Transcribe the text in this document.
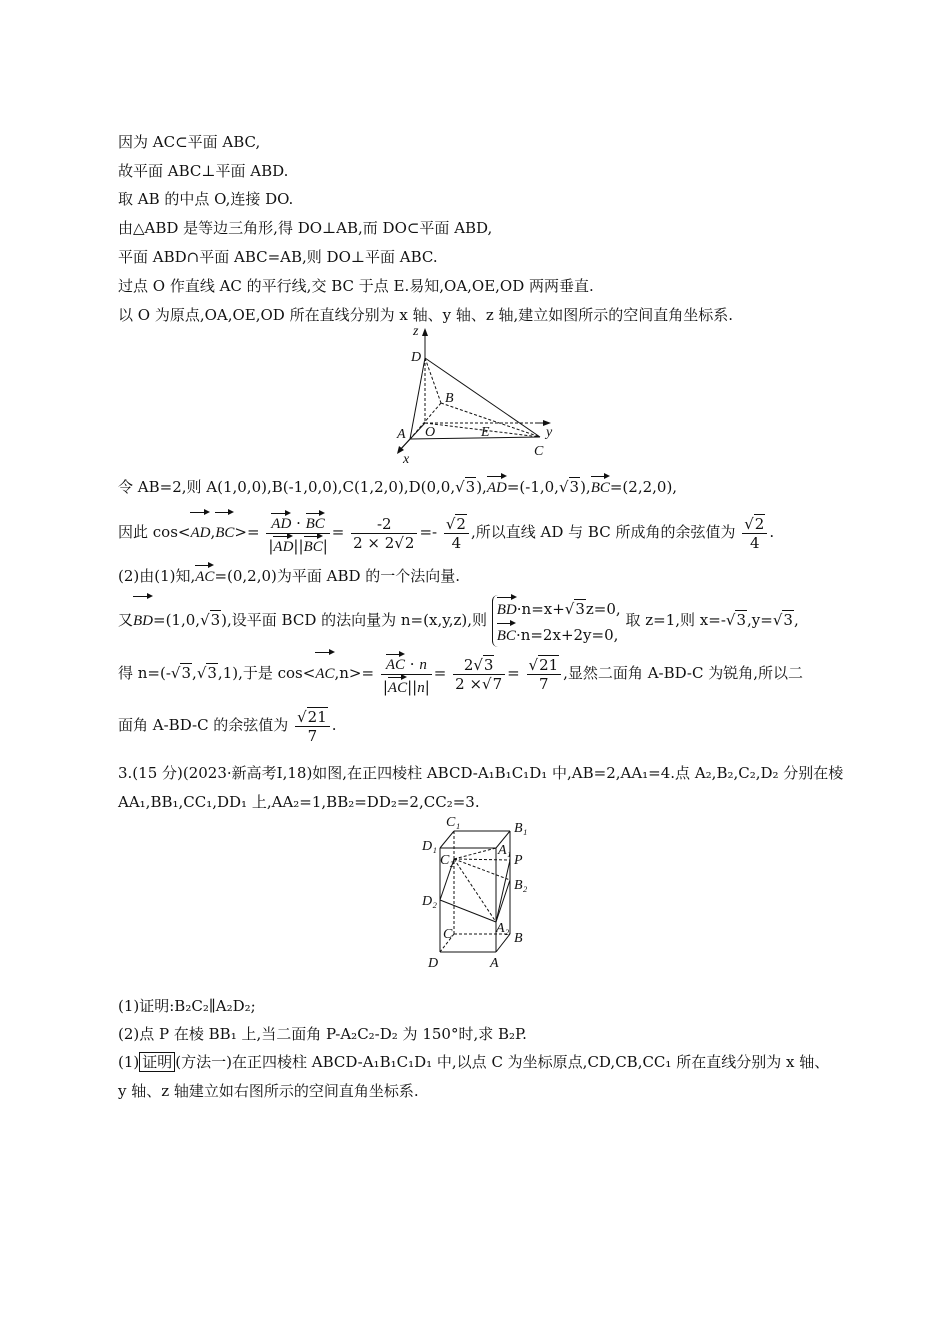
因为 AC⊂平面 ABC,
故平面 ABC⊥平面 ABD.
取 AB 的中点 O,连接 DO.
由△ABD 是等边三角形,得 DO⊥AB,而 DO⊂平面 ABD,
平面 ABD∩平面 ABC=AB,则 DO⊥平面 ABC.
过点 O 作直线 AC 的平行线,交 BC 于点 E.易知,OA,OE,OD 两两垂直.
以 O 为原点,OA,OE,OD 所在直线分别为 x 轴、y 轴、z 轴,建立如图所示的空间直角坐标系.
z
D
B
A O	E
C
x
y
令 AB=2,则 A(1,0,0),B(-1,0,0),C(1,2,0),D(0,0,√3),AD=(-1,0,√3),BC=(2,2,0),
因此 $\cos<AD,BC>= \frac{AD \cdot BC}{|AD||BC|} = \frac{-2}{2 \times 2√2} =- \frac{√2}{4}$ ,所以直线 AD 与 BC 所成角的余弦值为 $\frac{√2}{4}$ .
(2)由(1)知,AC=(0,2,0)为平面 ABD 的一个法向量.
又BD=(1,0,√3),设平面 BCD 的法向量为 n=(x,y,z),则
BD·n=x+√3z=0,
BC·n=2x+2y=0,
取 z=1,则 x=-√3,y=√3,
得 n=(-√3,√3,1),于是 $\cos<AC,n>= \frac{AC \cdot n}{|AC||n|} = \frac{2√3}{2 \times√7} = \frac{√21}{7}$ ,显然二面角 A-BD-C 为锐角,所以二
面角 A-BD-C 的余弦值为 $\frac{√21}{7}$ .
3.(15 分)(2023·新高考Ⅰ,18)如图,在正四棱柱 ABCD-A₁B₁C₁D₁ 中,AB=2,AA₁=4.点 A₂,B₂,C₂,D₂ 分别在棱
AA₁,BB₁,CC₁,DD₁ 上,AA₂=1,BB₂=DD₂=2,CC₂=3.
C₁	B₁
D₁	A₁
C₂	P
B₂
D₂
C	A₂
B
D	A
(1)证明:B₂C₂∥A₂D₂;
(2)点 P 在棱 BB₁ 上,当二面角 P-A₂C₂-D₂ 为 150°时,求 B₂P.
(1) 证明 (方法一)在正四棱柱 ABCD-A₁B₁C₁D₁ 中,以点 C 为坐标原点,CD,CB,CC₁ 所在直线分别为 x 轴、
y 轴、z 轴建立如右图所示的空间直角坐标系.
